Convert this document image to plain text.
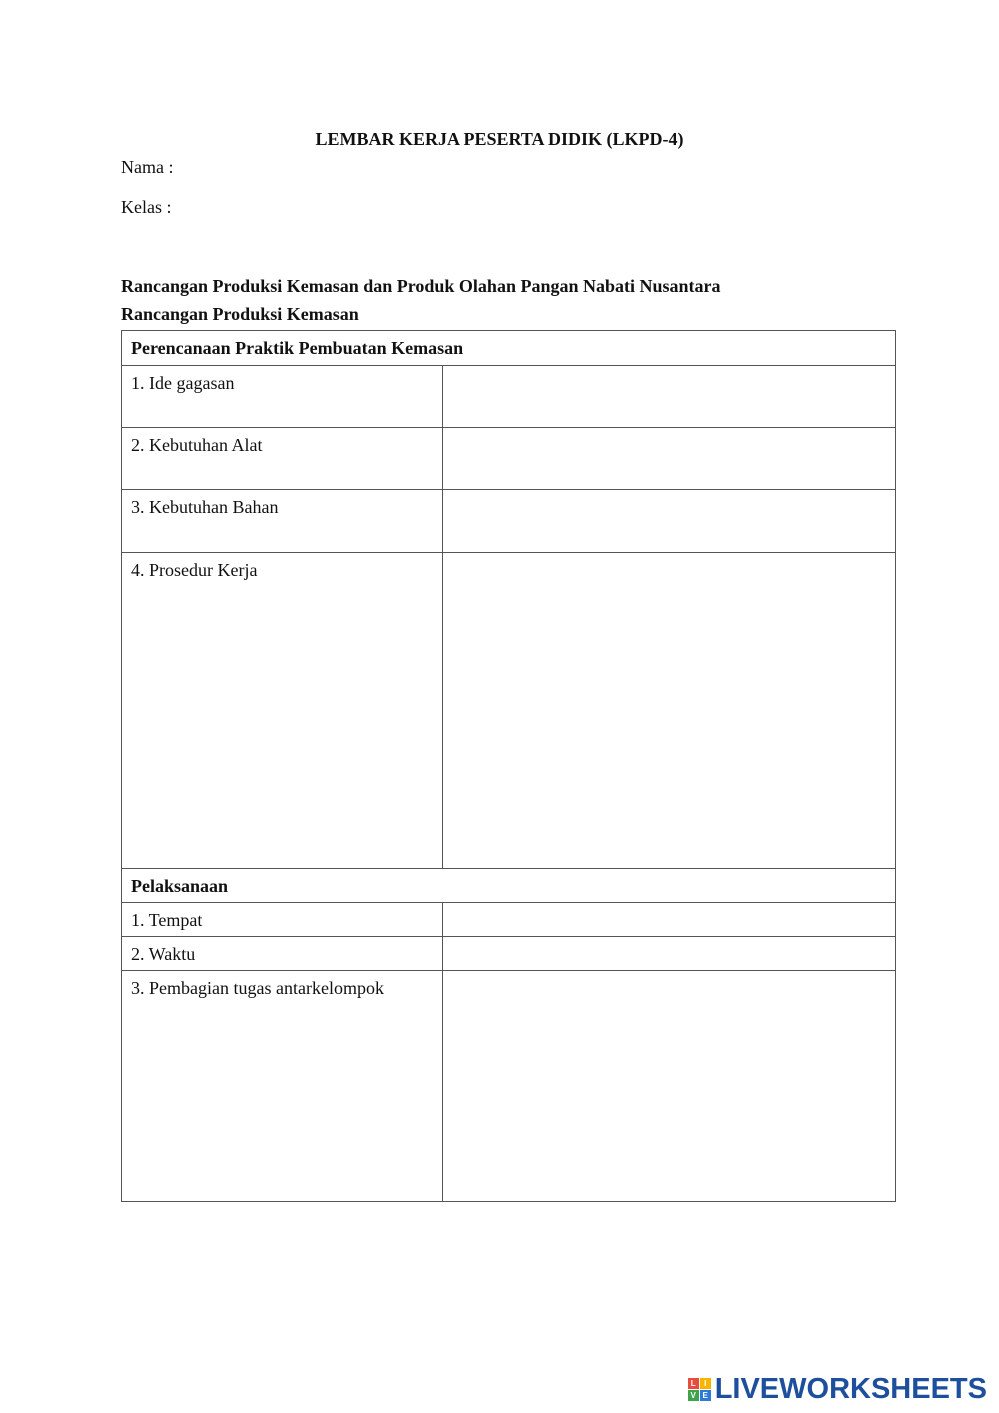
LEMBAR KERJA PESERTA DIDIK (LKPD-4)
Nama :
Kelas :
Rancangan Produksi Kemasan dan Produk Olahan Pangan Nabati Nusantara
Rancangan Produksi Kemasan
Perencanaan Praktik Pembuatan Kemasan	
1. Ide gagasan	
2. Kebutuhan Alat	
3. Kebutuhan Bahan	
4. Prosedur Kerja	
Pelaksanaan	
1. Tempat	
2. Waktu	
3. Pembagian tugas antarkelompok	
L	I
V E LIVEWORKSHEETS
